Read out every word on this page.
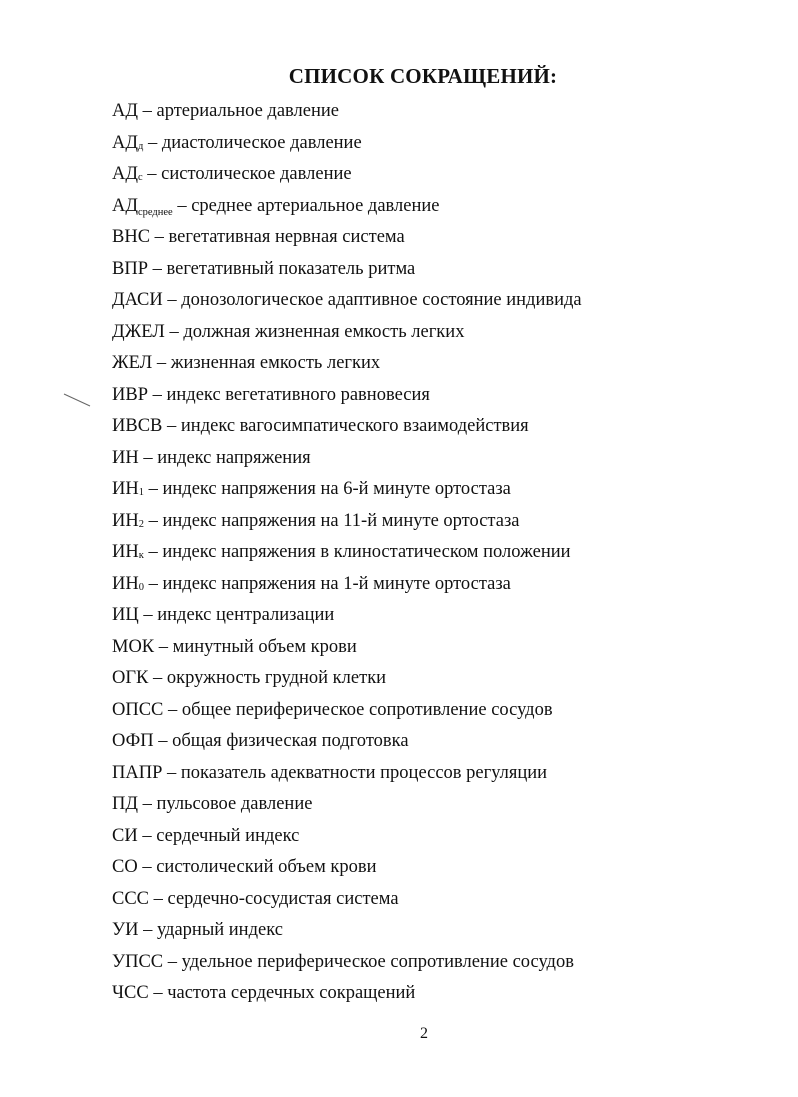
СПИСОК СОКРАЩЕНИЙ:
АД – артериальное давление
$АД_д$ – диастолическое давление
$АД_с$ – систолическое давление
$АД_{среднее}$ – среднее артериальное давление
ВНС – вегетативная нервная система
ВПР – вегетативный показатель ритма
ДАСИ – донозологическое адаптивное состояние индивида
ДЖЕЛ – должная жизненная емкость легких
ЖЕЛ – жизненная емкость легких
ИВР – индекс вегетативного равновесия
ИВСВ – индекс вагосимпатического взаимодействия
ИН – индекс напряжения
$ИН_1$ – индекс напряжения на 6-й минуте ортостаза
$ИН_2$ – индекс напряжения на 11-й минуте ортостаза
$ИН_к$ – индекс напряжения в клиностатическом положении
$ИН_0$ – индекс напряжения на 1-й минуте ортостаза
ИЦ – индекс централизации
МОК – минутный объем крови
ОГК – окружность грудной клетки
ОПСС – общее периферическое сопротивление сосудов
ОФП – общая физическая подготовка
ПАПР – показатель адекватности процессов регуляции
ПД – пульсовое давление
СИ – сердечный индекс
СО – систолический объем крови
ССС – сердечно-сосудистая система
УИ – ударный индекс
УПСС – удельное периферическое сопротивление сосудов
ЧСС – частота сердечных сокращений
2
